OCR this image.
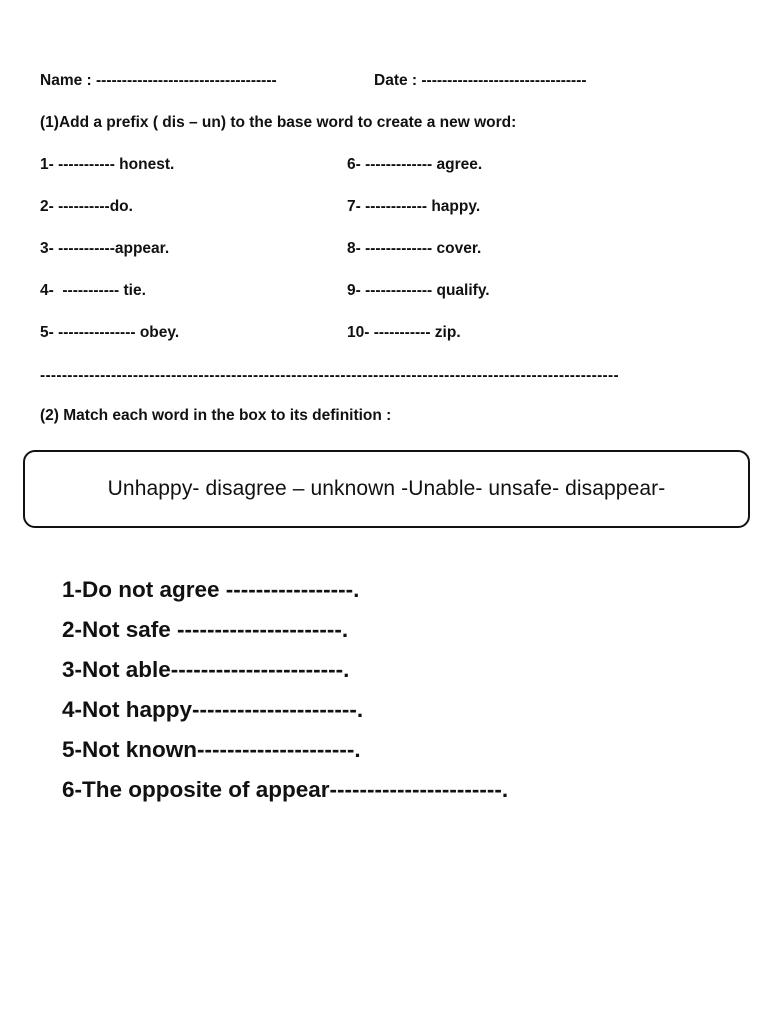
Name : -----------------------------------	Date : --------------------------------
(1)Add a prefix ( dis – un) to the base word to create a new word:
1- ----------- honest.	6- ------------- agree.
2- ----------do.	7- ------------ happy.
3- -----------appear.	8- ------------- cover.
4-  ----------- tie.	9- ------------- qualify.
5- --------------- obey.	10- ----------- zip.
----------------------------------------------------------------------------------------------------------
(2) Match each word in the box to its definition :
Unhappy- disagree – unknown -Unable- unsafe- disappear-
1-Do not agree -----------------.
2-Not safe ----------------------.
3-Not able-----------------------.
4-Not happy----------------------.
5-Not known---------------------.
6-The opposite of appear-----------------------.
